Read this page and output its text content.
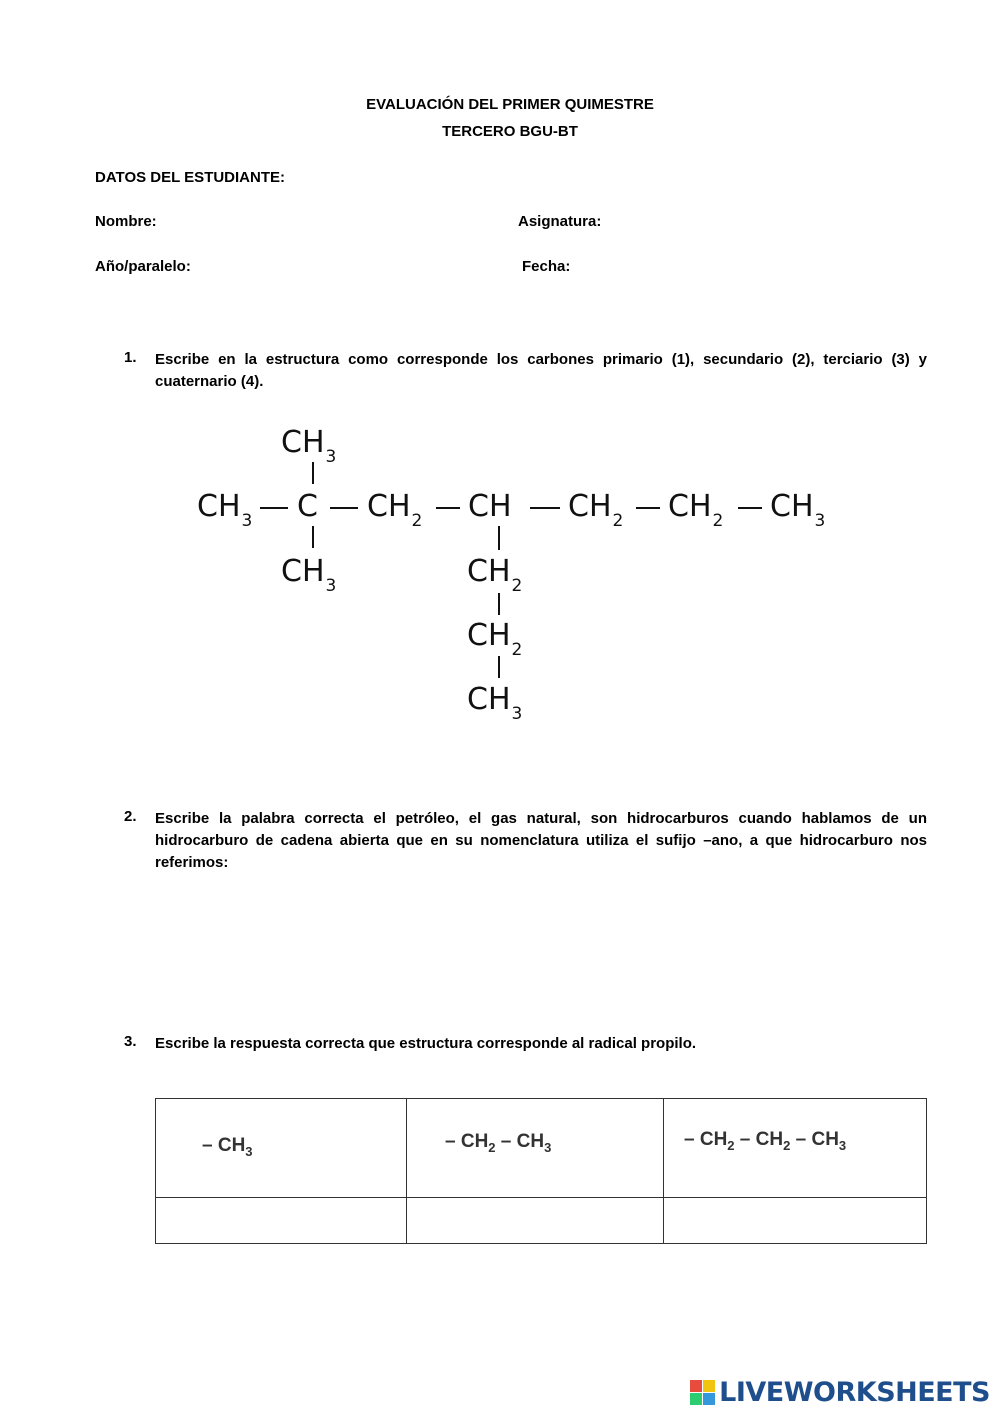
EVALUACIÓN DEL PRIMER QUIMESTRE
TERCERO BGU-BT
DATOS DEL ESTUDIANTE:
Nombre:	Asignatura:
Año/paralelo:	Fecha:
1. Escribe en la estructura como corresponde los carbones primario (1), secundario (2), terciario (3) y cuaternario (4).
$CH_3$
$CH_3$ C $CH_2$ CH $CH_2$ $CH_2$ $CH_3$
$CH_3$	$CH_2$
$CH_2$
$CH_3$
2. Escribe la palabra correcta el petróleo, el gas natural, son hidrocarburos cuando hablamos de un hidrocarburo de cadena abierta que en su nomenclatura utiliza el sufijo –ano, a que hidrocarburo nos referimos:
3. Escribe la respuesta correcta que estructura corresponde al radical propilo.
– $CH_3$	– $CH_2 - CH_3$	– $CH_2 - CH_2 - CH_3$

LIVEWORKSHEETS
